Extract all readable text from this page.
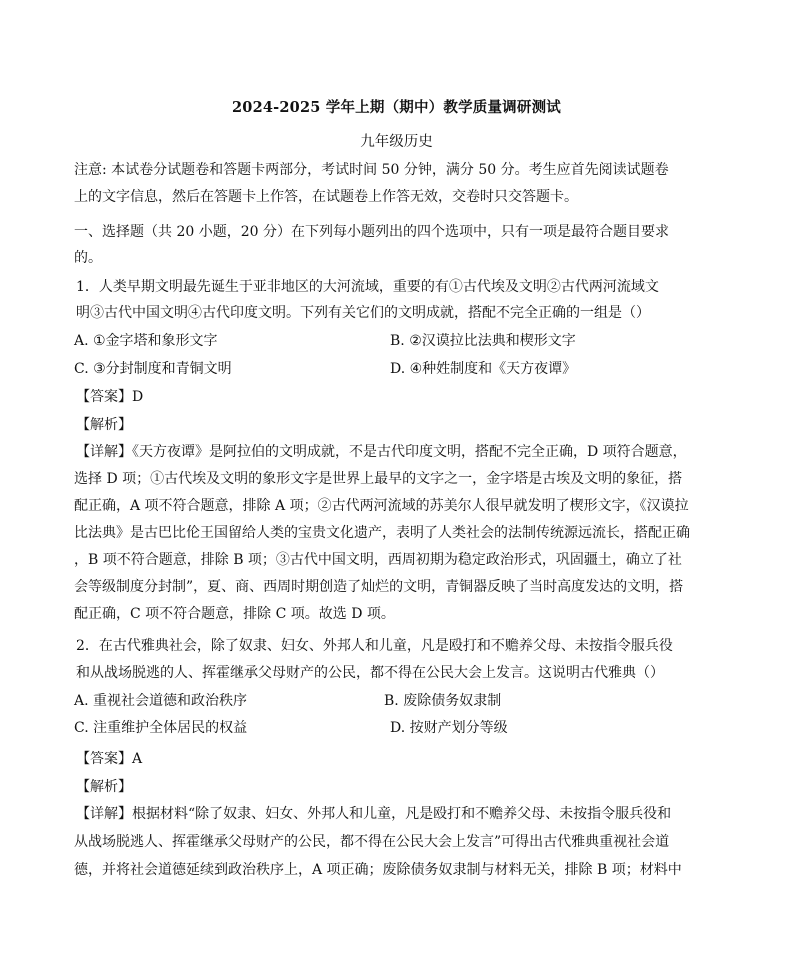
2024-2025 学年上期（期中）教学质量调研测试
九年级历史
注意: 本试卷分试题卷和答题卡两部分，考试时间 50 分钟，满分 50 分。考生应首先阅读试题卷
上的文字信息，然后在答题卡上作答，在试题卷上作答无效，交卷时只交答题卡。
一、选择题（共 20 小题，20 分）在下列每小题列出的四个选项中，只有一项是最符合题目要求
的。
1．人类早期文明最先诞生于亚非地区的大河流域，重要的有①古代埃及文明②古代两河流域文
明③古代中国文明④古代印度文明。下列有关它们的文明成就，搭配不完全正确的一组是（）
A. ①金字塔和象形文字	B. ②汉谟拉比法典和楔形文字
C. ③分封制度和青铜文明	D. ④种姓制度和《天方夜谭》
【答案】D
【解析】
【详解】《天方夜谭》是阿拉伯的文明成就，不是古代印度文明，搭配不完全正确，D 项符合题意，
选择 D 项；①古代埃及文明的象形文字是世界上最早的文字之一，金字塔是古埃及文明的象征，搭
配正确，A 项不符合题意，排除 A 项；②古代两河流域的苏美尔人很早就发明了楔形文字，《汉谟拉
比法典》是古巴比伦王国留给人类的宝贵文化遗产，表明了人类社会的法制传统源远流长，搭配正确
，B 项不符合题意，排除 B 项；③古代中国文明，西周初期为稳定政治形式，巩固疆土，确立了社
会等级制度分封制”，夏、商、西周时期创造了灿烂的文明，青铜器反映了当时高度发达的文明，搭
配正确，C 项不符合题意，排除 C 项。故选 D 项。
2．在古代雅典社会，除了奴隶、妇女、外邦人和儿童，凡是殴打和不赡养父母、未按指令服兵役
和从战场脱逃的人、挥霍继承父母财产的公民，都不得在公民大会上发言。这说明古代雅典（）
A. 重视社会道德和政治秩序	B. 废除债务奴隶制
C. 注重维护全体居民的权益	D. 按财产划分等级
【答案】A
【解析】
【详解】根据材料“除了奴隶、妇女、外邦人和儿童，凡是殴打和不赡养父母、未按指令服兵役和
从战场脱逃人、挥霍继承父母财产的公民，都不得在公民大会上发言”可得出古代雅典重视社会道
德，并将社会道德延续到政治秩序上，A 项正确；废除债务奴隶制与材料无关，排除 B 项；材料中
